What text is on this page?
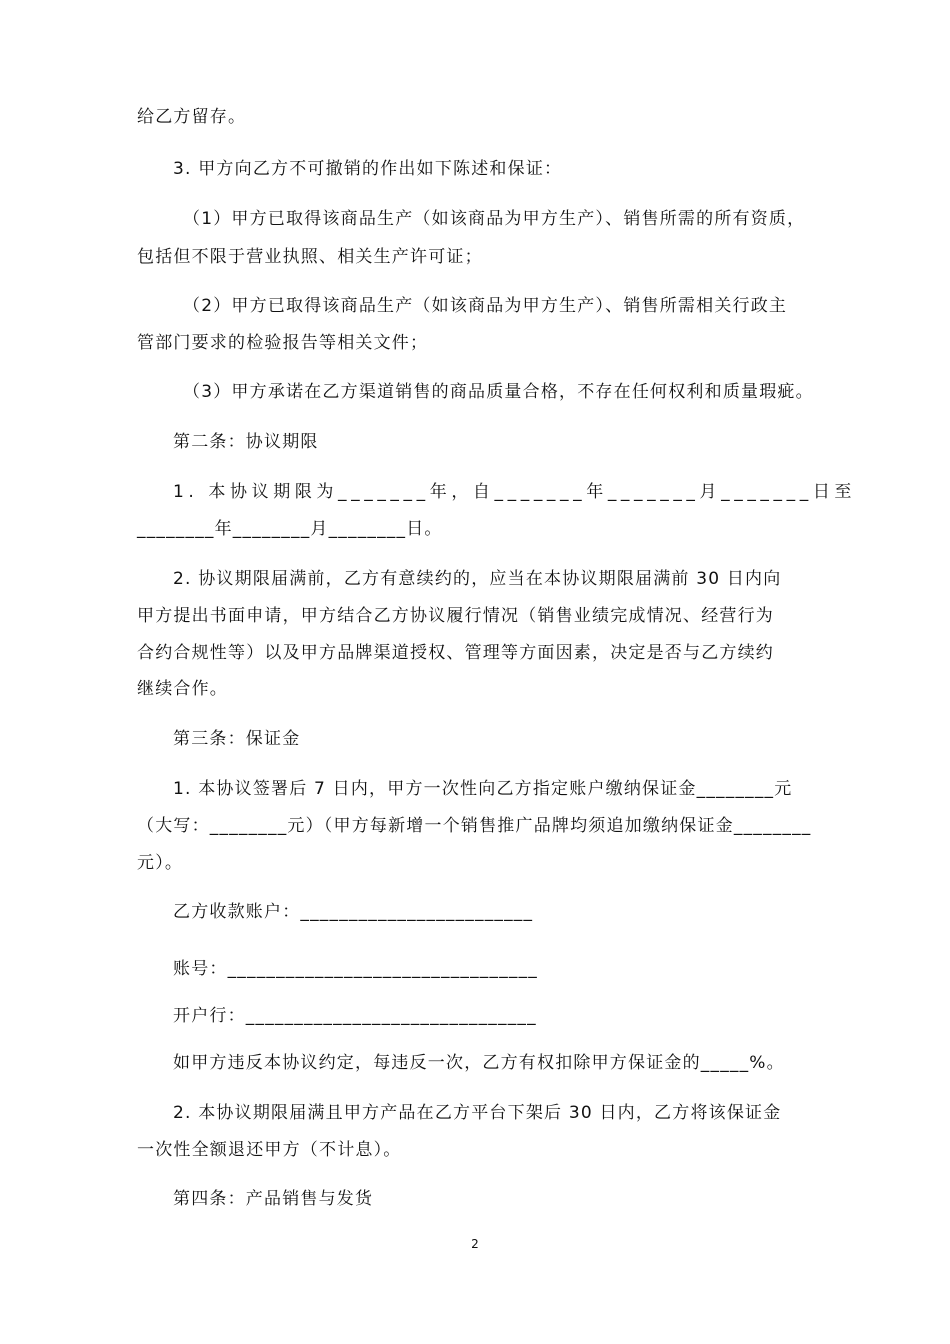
给乙方留存。
3. 甲方向乙方不可撤销的作出如下陈述和保证：
（1）甲方已取得该商品生产（如该商品为甲方生产）、销售所需的所有资质，
包括但不限于营业执照、相关生产许可证；
（2）甲方已取得该商品生产（如该商品为甲方生产）、销售所需相关行政主
管部门要求的检验报告等相关文件；
（3）甲方承诺在乙方渠道销售的商品质量合格，不存在任何权利和质量瑕疵。
第二条：协议期限
1. 本协议期限为_______年，自_______年_______月_______日至
________年________月________日。
2. 协议期限届满前，乙方有意续约的，应当在本协议期限届满前 30 日内向
甲方提出书面申请，甲方结合乙方协议履行情况（销售业绩完成情况、经营行为
合约合规性等）以及甲方品牌渠道授权、管理等方面因素，决定是否与乙方续约
继续合作。
第三条：保证金
1. 本协议签署后 7 日内，甲方一次性向乙方指定账户缴纳保证金________元
（大写：________元）（甲方每新增一个销售推广品牌均须追加缴纳保证金________
元）。
乙方收款账户：________________________
账号：________________________________
开户行：______________________________
如甲方违反本协议约定，每违反一次，乙方有权扣除甲方保证金的_____%。
2. 本协议期限届满且甲方产品在乙方平台下架后 30 日内，乙方将该保证金
一次性全额退还甲方（不计息）。
第四条：产品销售与发货
2
